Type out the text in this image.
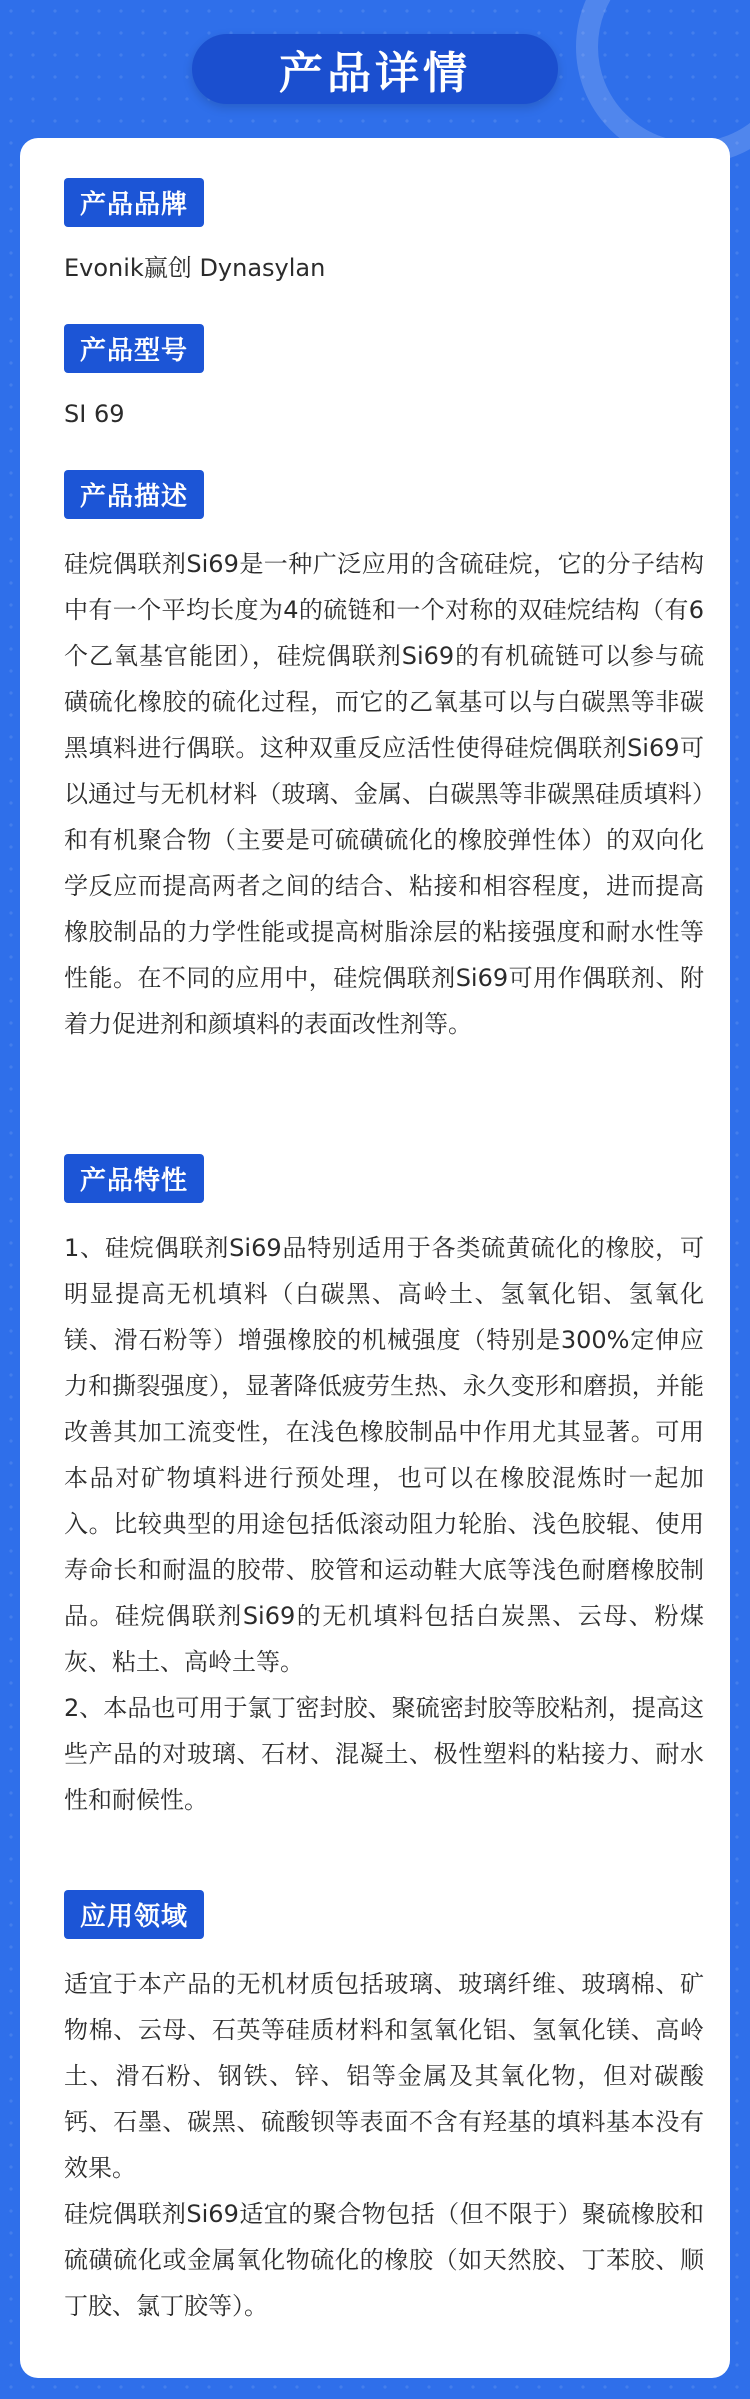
产品详情
产品品牌
Evonik赢创 Dynasylan
产品型号
SI 69
产品描述
硅烷偶联剂Si69是一种广泛应用的含硫硅烷，它的分子结构中有一个平均长度为4的硫链和一个对称的双硅烷结构（有6个乙氧基官能团），硅烷偶联剂Si69的有机硫链可以参与硫磺硫化橡胶的硫化过程，而它的乙氧基可以与白碳黑等非碳黑填料进行偶联。这种双重反应活性使得硅烷偶联剂Si69可以通过与无机材料（玻璃、金属、白碳黑等非碳黑硅质填料）和有机聚合物（主要是可硫磺硫化的橡胶弹性体）的双向化学反应而提高两者之间的结合、粘接和相容程度，进而提高橡胶制品的力学性能或提高树脂涂层的粘接强度和耐水性等性能。在不同的应用中，硅烷偶联剂Si69可用作偶联剂、附着力促进剂和颜填料的表面改性剂等。
产品特性

1、硅烷偶联剂Si69品特别适用于各类硫黄硫化的橡胶，可明显提高无机填料（白碳黑、高岭土、氢氧化铝、氢氧化镁、滑石粉等）增强橡胶的机械强度（特别是300%定伸应力和撕裂强度），显著降低疲劳生热、永久变形和磨损，并能改善其加工流变性，在浅色橡胶制品中作用尤其显著。可用本品对矿物填料进行预处理，也可以在橡胶混炼时一起加入。比较典型的用途包括低滚动阻力轮胎、浅色胶辊、使用寿命长和耐温的胶带、胶管和运动鞋大底等浅色耐磨橡胶制品。硅烷偶联剂Si69的无机填料包括白炭黑、云母、粉煤灰、粘土、高岭土等。

2、本品也可用于氯丁密封胶、聚硫密封胶等胶粘剂，提高这些产品的对玻璃、石材、混凝土、极性塑料的粘接力、耐水性和耐候性。

应用领域

适宜于本产品的无机材质包括玻璃、玻璃纤维、玻璃棉、矿物棉、云母、石英等硅质材料和氢氧化铝、氢氧化镁、高岭土、滑石粉、钢铁、锌、铝等金属及其氧化物，但对碳酸钙、石墨、碳黑、硫酸钡等表面不含有羟基的填料基本没有效果。

硅烷偶联剂Si69适宜的聚合物包括（但不限于）聚硫橡胶和硫磺硫化或金属氧化物硫化的橡胶（如天然胶、丁苯胶、顺丁胶、氯丁胶等）。
